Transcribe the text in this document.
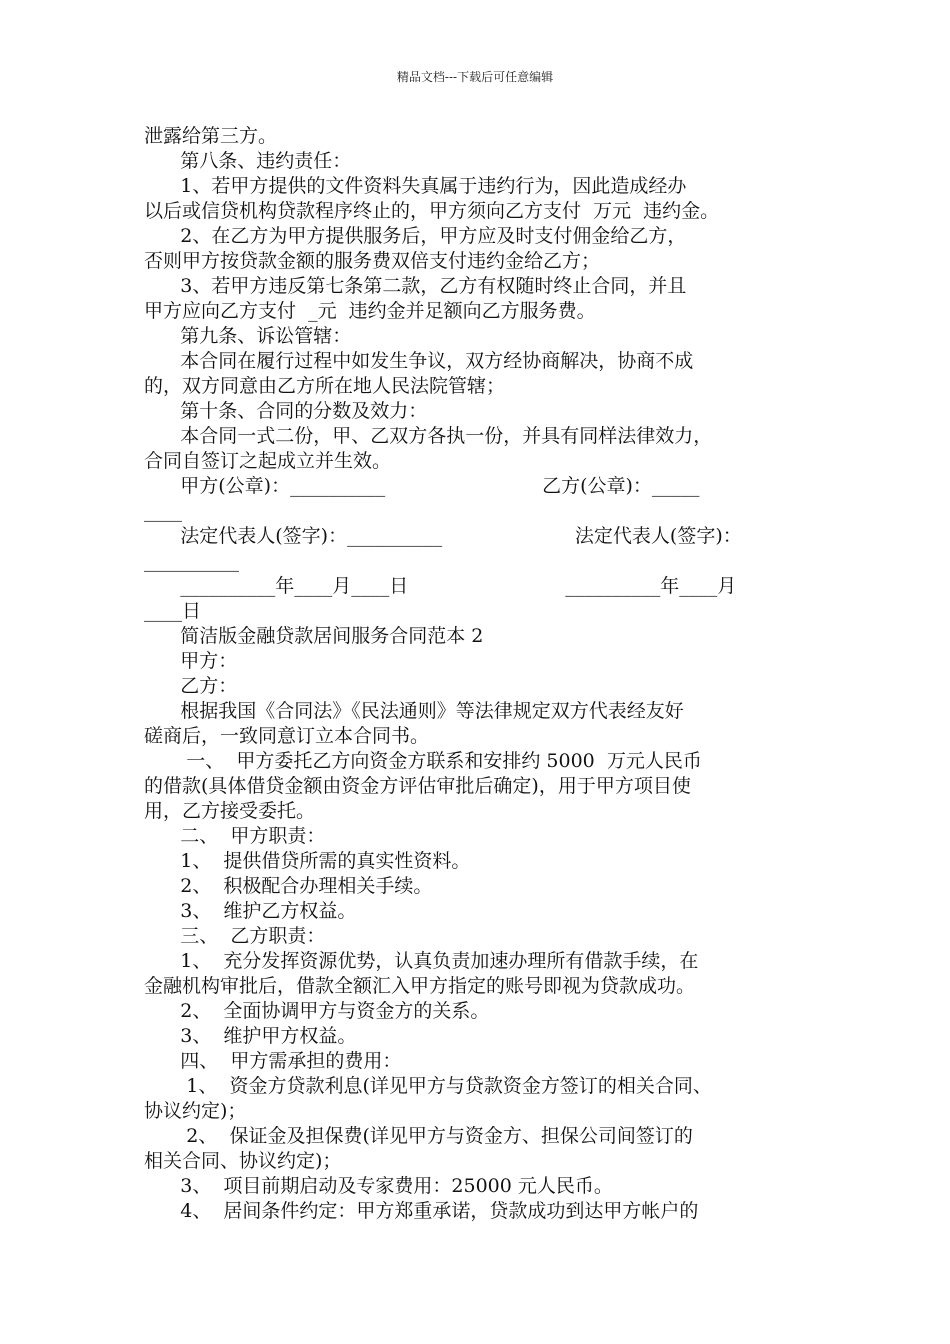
精品文档---下载后可任意编辑
泄露给第三方。
第八条、违约责任：
1、若甲方提供的文件资料失真属于违约行为，因此造成经办
以后或信贷机构贷款程序终止的，甲方须向乙方支付  万元  违约金。
2、在乙方为甲方提供服务后，甲方应及时支付佣金给乙方，
否则甲方按贷款金额的服务费双倍支付违约金给乙方；
3、若甲方违反第七条第二款，乙方有权随时终止合同，并且
甲方应向乙方支付  _元  违约金并足额向乙方服务费。
第九条、诉讼管辖：
本合同在履行过程中如发生争议，双方经协商解决，协商不成
的，双方同意由乙方所在地人民法院管辖；
第十条、合同的分数及效力：
本合同一式二份，甲、乙双方各执一份，并具有同样法律效力，
合同自签订之起成立并生效。
甲方(公章)：__________                          乙方(公章)：_____
____
法定代表人(签字)：__________                      法定代表人(签字)：
__________
__________年____月____日                          __________年____月
____日
简洁版金融贷款居间服务合同范本 2
甲方：
乙方：
根据我国《合同法》《民法通则》等法律规定双方代表经友好
磋商后，一致同意订立本合同书。
一、  甲方委托乙方向资金方联系和安排约 5000  万元人民币
的借款(具体借贷金额由资金方评估审批后确定)，用于甲方项目使
用，乙方接受委托。
二、  甲方职责：
1、  提供借贷所需的真实性资料。
2、  积极配合办理相关手续。
3、  维护乙方权益。
三、  乙方职责：
1、  充分发挥资源优势，认真负责加速办理所有借款手续，在
金融机构审批后，借款全额汇入甲方指定的账号即视为贷款成功。
2、  全面协调甲方与资金方的关系。
3、  维护甲方权益。
四、  甲方需承担的费用：
1、  资金方贷款利息(详见甲方与贷款资金方签订的相关合同、
协议约定)；
2、  保证金及担保费(详见甲方与资金方、担保公司间签订的
相关合同、协议约定)；
3、  项目前期启动及专家费用：25000 元人民币。
4、  居间条件约定：甲方郑重承诺，贷款成功到达甲方帐户的
